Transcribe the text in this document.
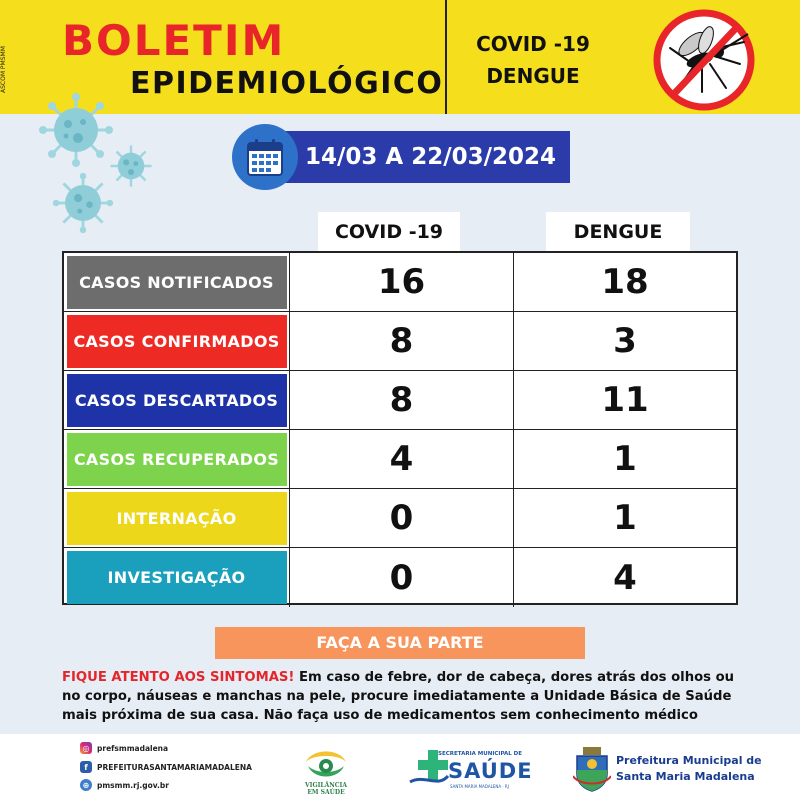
ASCOM PMSMM
BOLETIM
EPIDEMIOLÓGICO
COVID -19
DENGUE
14/03 A 22/03/2024
COVID -19	DENGUE
CASOS NOTIFICADOS	16	18
CASOS CONFIRMADOS	8	3
CASOS DESCARTADOS	8	11
CASOS RECUPERADOS	4	1
INTERNAÇÃO	0	1
INVESTIGAÇÃO	0	4
FAÇA A SUA PARTE
FIQUE ATENTO AOS SINTOMAS! Em caso de febre, dor de cabeça, dores atrás dos olhos ou no corpo, náuseas e manchas na pele, procure imediatamente a Unidade Básica de Saúde mais próxima de sua casa. Não faça uso de medicamentos sem conhecimento médico
◎	prefsmmadalena
f	PREFEITURASANTAMARIAMADALENA
⊕	pmsmm.rj.gov.br	VIGILÂNCIA
EM SAÚDE
SECRETARIA MUNICIPAL DE
SAÚDE
SANTA MARIA MADALENA · RJ
Prefeitura Municipal de
Santa Maria Madalena
